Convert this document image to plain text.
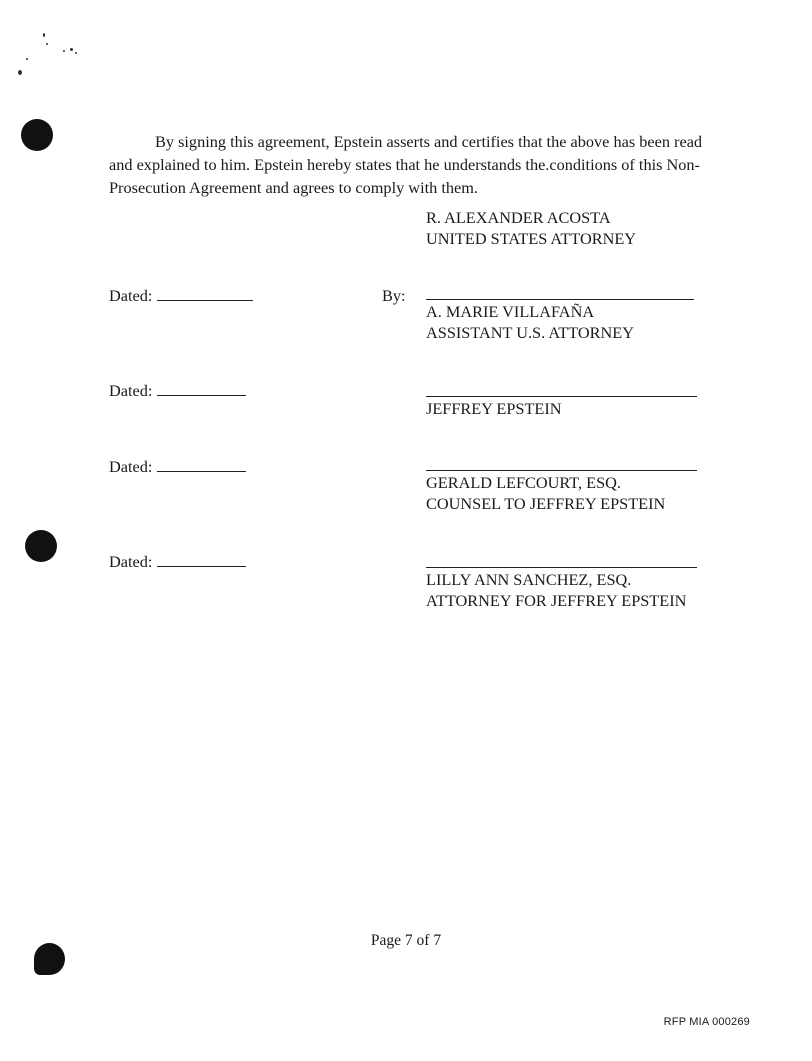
By signing this agreement, Epstein asserts and certifies that the above has been read and explained to him. Epstein hereby states that he understands the.conditions of this Non-Prosecution Agreement and agrees to comply with them.

R. ALEXANDER ACOSTA
UNITED STATES ATTORNEY
Dated:	By:
A. MARIE VILLAFAÑA
ASSISTANT U.S. ATTORNEY
Dated:
JEFFREY EPSTEIN
Dated:
GERALD LEFCOURT, ESQ.
COUNSEL TO JEFFREY EPSTEIN
Dated:
LILLY ANN SANCHEZ, ESQ.
ATTORNEY FOR JEFFREY EPSTEIN
Page 7 of 7
RFP MIA 000269
